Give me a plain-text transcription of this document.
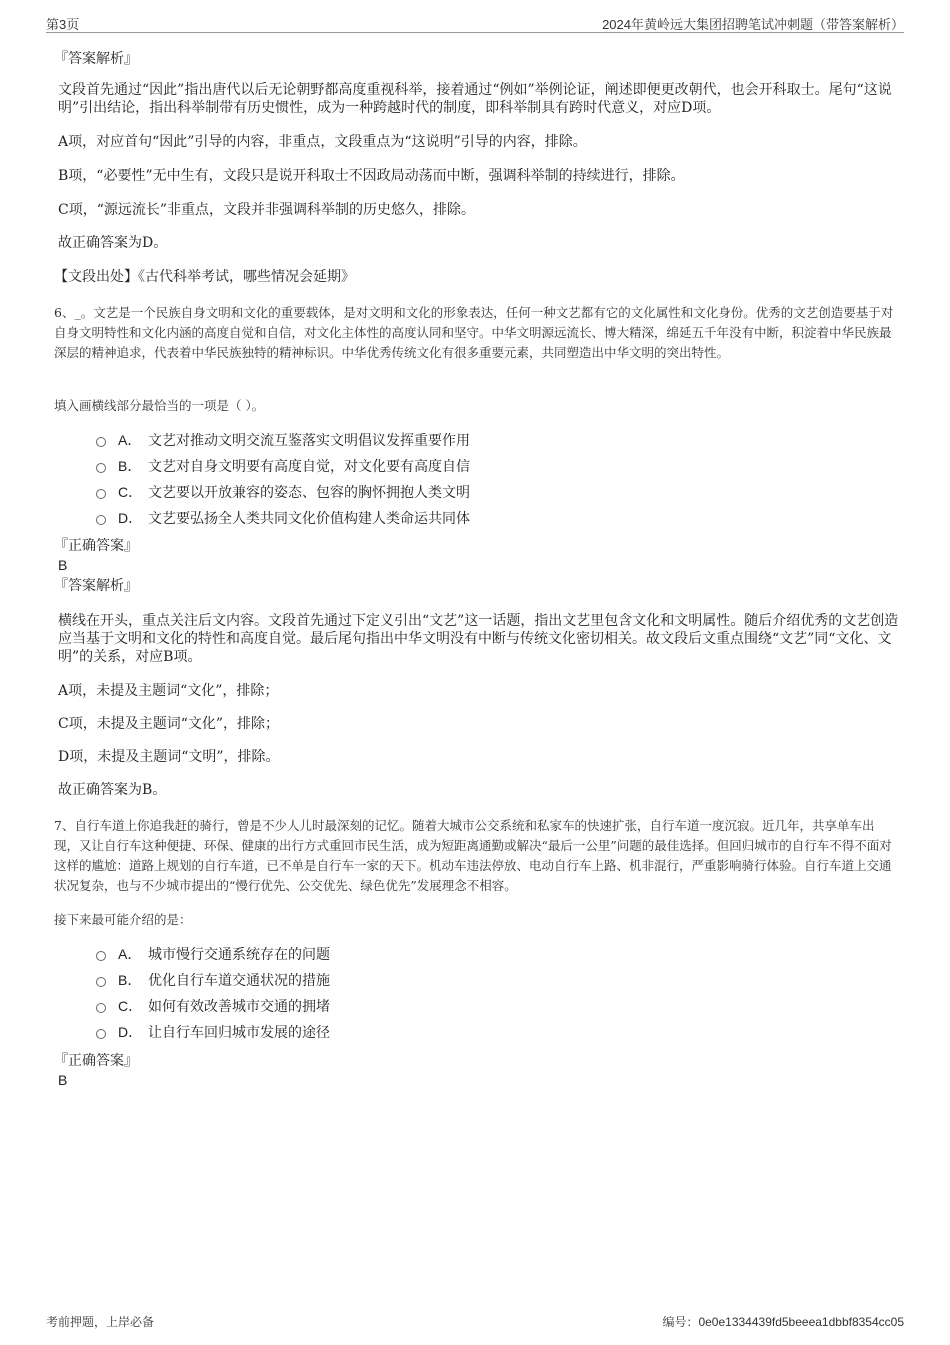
第3页	2024年黄岭远大集团招聘笔试冲刺题（带答案解析）
『答案解析』
文段首先通过“因此”指出唐代以后无论朝野都高度重视科举，接着通过“例如”举例论证，阐述即便更改朝代，也会开科取士。尾句“这说明”引出结论，指出科举制带有历史惯性，成为一种跨越时代的制度，即科举制具有跨时代意义，对应D项。
A项，对应首句“因此”引导的内容，非重点，文段重点为“这说明”引导的内容，排除。
B项，“必要性”无中生有，文段只是说开科取士不因政局动荡而中断，强调科举制的持续进行，排除。
C项，“源远流长”非重点，文段并非强调科举制的历史悠久，排除。
故正确答案为D。
【文段出处】《古代科举考试，哪些情况会延期》
6、_。文艺是一个民族自身文明和文化的重要载体，是对文明和文化的形象表达，任何一种文艺都有它的文化属性和文化身份。优秀的文艺创造要基于对自身文明特性和文化内涵的高度自觉和自信，对文化主体性的高度认同和坚守。中华文明源远流长、博大精深，绵延五千年没有中断，积淀着中华民族最深层的精神追求，代表着中华民族独特的精神标识。中华优秀传统文化有很多重要元素，共同塑造出中华文明的突出特性。
填入画横线部分最恰当的一项是（ ）。
A． 文艺对推动文明交流互鉴落实文明倡议发挥重要作用
B． 文艺对自身文明要有高度自觉，对文化要有高度自信
C． 文艺要以开放兼容的姿态、包容的胸怀拥抱人类文明
D． 文艺要弘扬全人类共同文化价值构建人类命运共同体
『正确答案』
B
『答案解析』
横线在开头，重点关注后文内容。文段首先通过下定义引出“文艺”这一话题，指出文艺里包含文化和文明属性。随后介绍优秀的文艺创造应当基于文明和文化的特性和高度自觉。最后尾句指出中华文明没有中断与传统文化密切相关。故文段后文重点围绕“文艺”同“文化、文明”的关系，对应B项。
A项，未提及主题词“文化”，排除；
C项，未提及主题词“文化”，排除；
D项，未提及主题词“文明”，排除。
故正确答案为B。
7、自行车道上你追我赶的骑行，曾是不少人儿时最深刻的记忆。随着大城市公交系统和私家车的快速扩张，自行车道一度沉寂。近几年，共享单车出现，又让自行车这种便捷、环保、健康的出行方式重回市民生活，成为短距离通勤或解决“最后一公里”问题的最佳选择。但回归城市的自行车不得不面对这样的尴尬：道路上规划的自行车道，已不单是自行车一家的天下。机动车违法停放、电动自行车上路、机非混行，严重影响骑行体验。自行车道上交通状况复杂，也与不少城市提出的“慢行优先、公交优先、绿色优先”发展理念不相容。
接下来最可能介绍的是：
A． 城市慢行交通系统存在的问题
B． 优化自行车道交通状况的措施
C． 如何有效改善城市交通的拥堵
D． 让自行车回归城市发展的途径
『正确答案』
B
考前押题，上岸必备	编号：0e0e1334439fd5beeea1dbbf8354cc05
